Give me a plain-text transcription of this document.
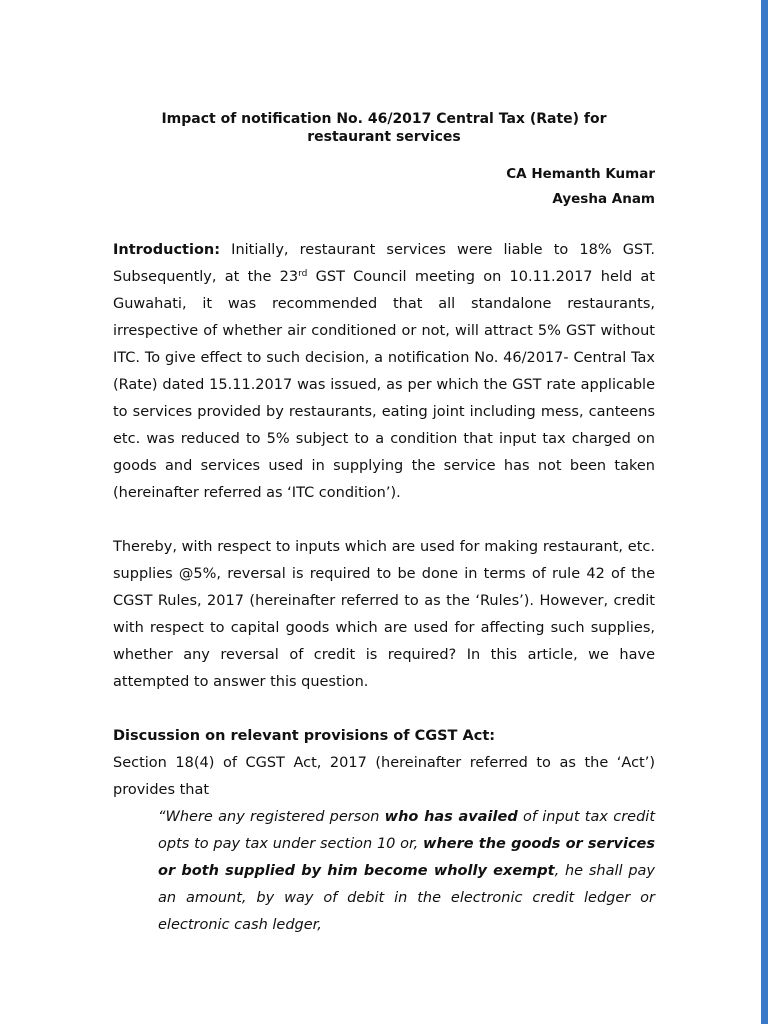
Impact of notification No. 46/2017 Central Tax (Rate) for restaurant services
CA Hemanth Kumar
Ayesha Anam

Introduction: Initially, restaurant services were liable to 18% GST. Subsequently, at the 23rd GST Council meeting on 10.11.2017 held at Guwahati, it was recommended that all standalone restaurants, irrespective of whether air conditioned or not, will attract 5% GST without ITC. To give effect to such decision, a notification No. 46/2017- Central Tax (Rate) dated 15.11.2017 was issued, as per which the GST rate applicable to services provided by restaurants, eating joint including mess, canteens etc. was reduced to 5% subject to a condition that input tax charged on goods and services used in supplying the service has not been taken (hereinafter referred as ‘ITC condition’).

Thereby, with respect to inputs which are used for making restaurant, etc. supplies @5%, reversal is required to be done in terms of rule 42 of the CGST Rules, 2017 (hereinafter referred to as the ‘Rules’). However, credit with respect to capital goods which are used for affecting such supplies, whether any reversal of credit is required? In this article, we have attempted to answer this question.

Discussion on relevant provisions of CGST Act:

Section 18(4) of CGST Act, 2017 (hereinafter referred to as the ‘Act’) provides that

“Where any registered person who has availed of input tax credit opts to pay tax under section 10 or, where the goods or services or both supplied by him become wholly exempt, he shall pay an amount, by way of debit in the electronic credit ledger or electronic cash ledger,
